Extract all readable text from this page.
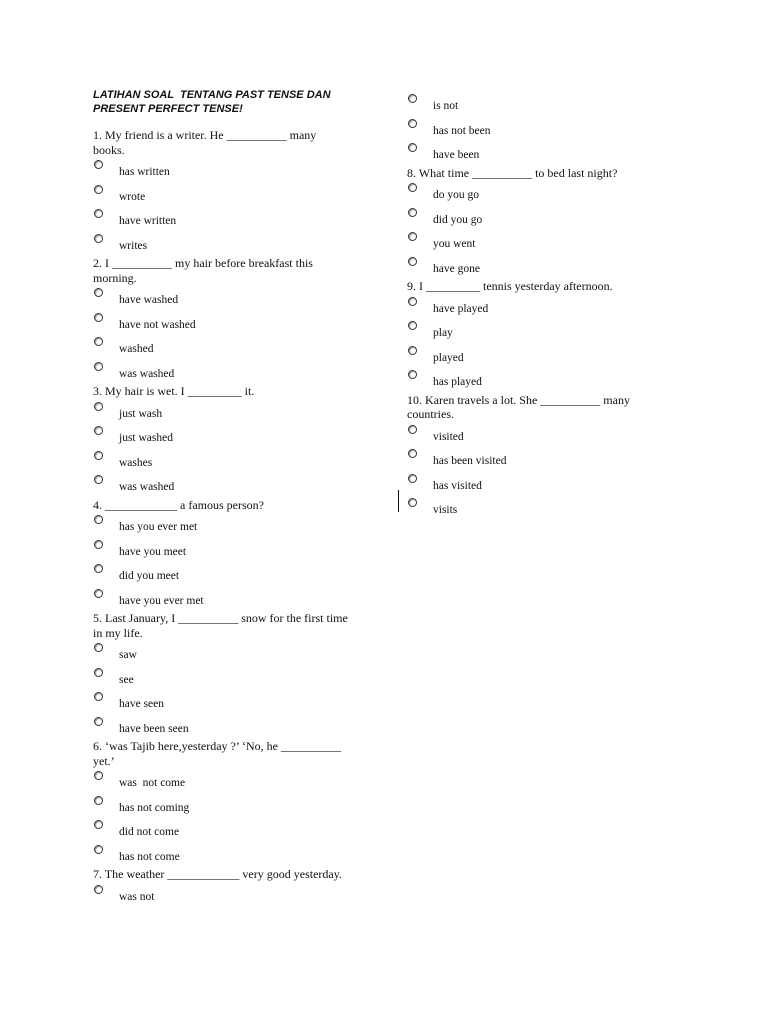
LATIHAN SOAL  TENTANG PAST TENSE DAN PRESENT PERFECT TENSE!
1. My friend is a writer. He __________ many books.
has written
wrote
have written
writes
2. I __________ my hair before breakfast this morning.
have washed
have not washed
washed
was washed
3. My hair is wet. I _________ it.
just wash
just washed
washes
was washed
4. ____________ a famous person?
has you ever met
have you meet
did you meet
have you ever met
5. Last January, I __________ snow for the first time in my life.
saw
see
have seen
have been seen
6. ‘was Tajib here,yesterday ?’ ‘No, he __________ yet.’
was  not come
has not coming
did not come
has not come
7. The weather ____________ very good yesterday.
was not
is not
has not been
have been
8. What time __________ to bed last night?
do you go
did you go
you went
have gone
9. I _________ tennis yesterday afternoon.
have played
play
played
has played
10. Karen travels a lot. She __________ many countries.
visited
has been visited
has visited
visits
